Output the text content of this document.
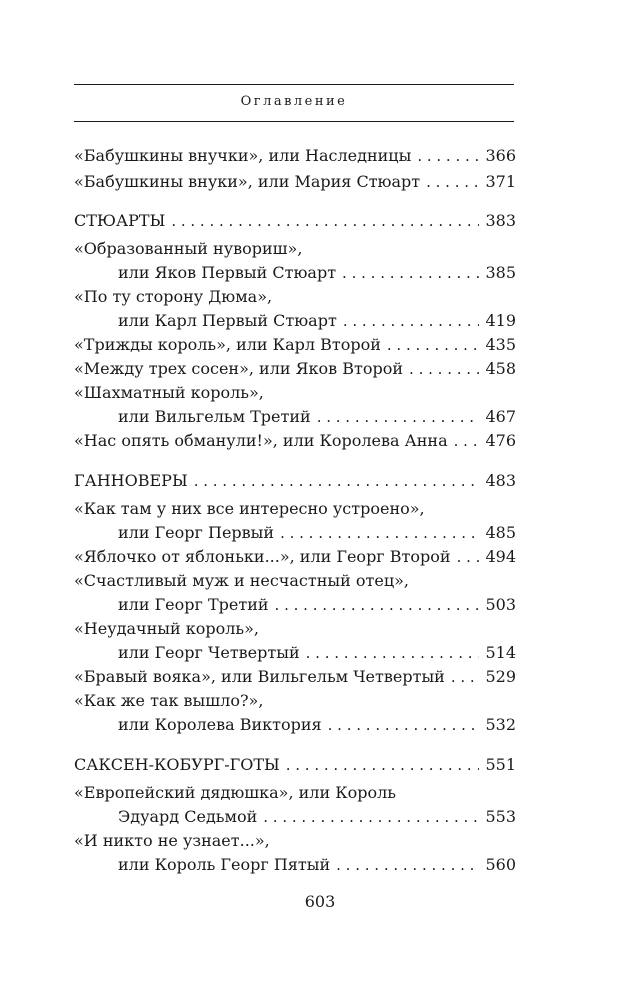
Оглавление
«Бабушкины внучки», или Наследницы . . .	366
«Бабушкины внуки», или Мария Стюарт . . .	371
СТЮАРТЫ . . .	383
«Образованный нувориш»,
или Яков Первый Стюарт . . .	385
«По ту сторону Дюма»,
или Карл Первый Стюарт . . .	419
«Трижды король», или Карл Второй . . .	435
«Между трех сосен», или Яков Второй . . .	458
«Шахматный король»,
или Вильгельм Третий . . .	467
«Нас опять обманули!», или Королева Анна . . .	476
ГАННОВЕРЫ . . .	483
«Как там у них все интересно устроено»,
или Георг Первый . . .	485
«Яблочко от яблоньки...», или Георг Второй . . .	494
«Счастливый муж и несчастный отец»,
или Георг Третий . . .	503
«Неудачный король»,
или Георг Четвертый . . .	514
«Бравый вояка», или Вильгельм Четвертый . . .	529
«Как же так вышло?»,
или Королева Виктория . . .	532
САКСЕН-КОБУРГ-ГОТЫ . . .	551
«Европейский дядюшка», или Король
Эдуард Седьмой . . .	553
«И никто не узнает...»,
или Король Георг Пятый . . .	560
603
